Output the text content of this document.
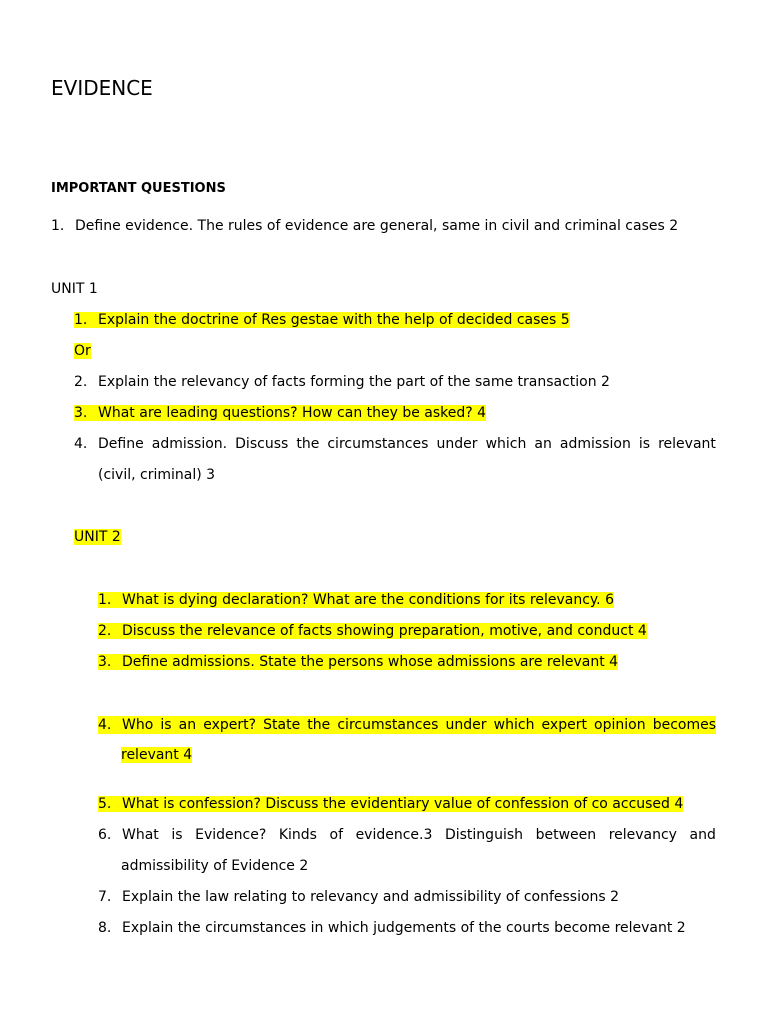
EVIDENCE
IMPORTANT QUESTIONS
1. Define evidence. The rules of evidence are general, same in civil and criminal cases 2
UNIT 1
1. Explain the doctrine of Res gestae with the help of decided cases 5
Or
2. Explain the relevancy of facts forming the part of the same transaction 2
3. What are leading questions? How can they be asked? 4
4. Define admission. Discuss the circumstances under which an admission is relevant
(civil, criminal) 3
UNIT 2
1. What is dying declaration? What are the conditions for its relevancy. 6
2. Discuss the relevance of facts showing preparation, motive, and conduct 4
3. Define admissions. State the persons whose admissions are relevant 4
4. Who is an expert? State the circumstances under which expert opinion becomes
relevant 4
5. What is confession? Discuss the evidentiary value of confession of co accused 4
6. What is Evidence? Kinds of evidence.3 Distinguish between relevancy and
admissibility of Evidence 2
7. Explain the law relating to relevancy and admissibility of confessions 2
8. Explain the circumstances in which judgements of the courts become relevant 2
